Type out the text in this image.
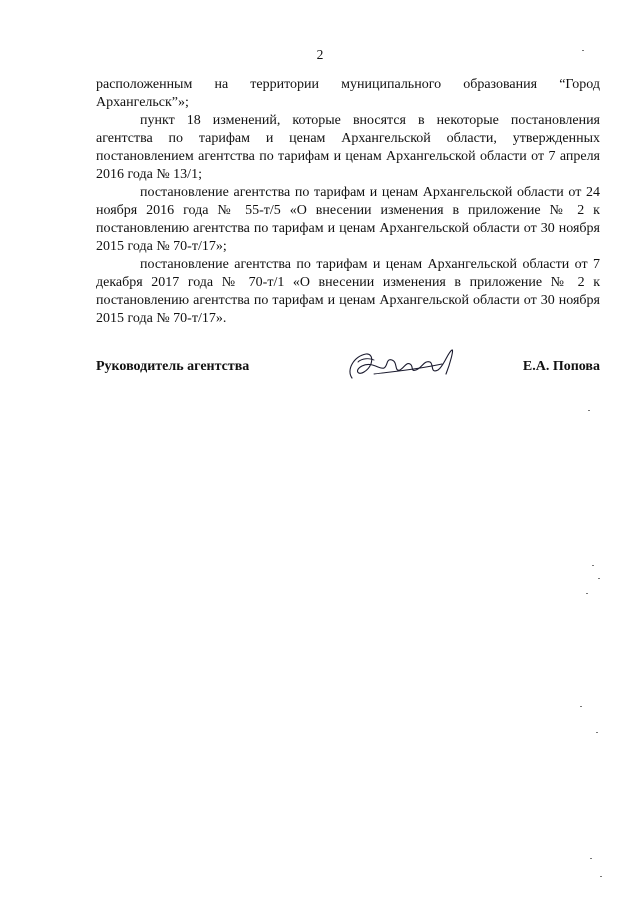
2

расположенным на территории муниципального образования “Город Архангельск”»;

пункт 18 изменений, которые вносятся в некоторые постановления агентства по тарифам и ценам Архангельской области, утвержденных постановлением агентства по тарифам и ценам Архангельской области от 7 апреля 2016 года № 13/1;

постановление агентства по тарифам и ценам Архангельской области от 24 ноября 2016 года № 55-т/5 «О внесении изменения в приложение № 2 к постановлению агентства по тарифам и ценам Архангельской области от 30 ноября 2015 года № 70-т/17»;

постановление агентства по тарифам и ценам Архангельской области от 7 декабря 2017 года № 70-т/1 «О внесении изменения в приложение № 2 к постановлению агентства по тарифам и ценам Архангельской области от 30 ноября 2015 года № 70-т/17».

Руководитель агентства	Е.А. Попова
